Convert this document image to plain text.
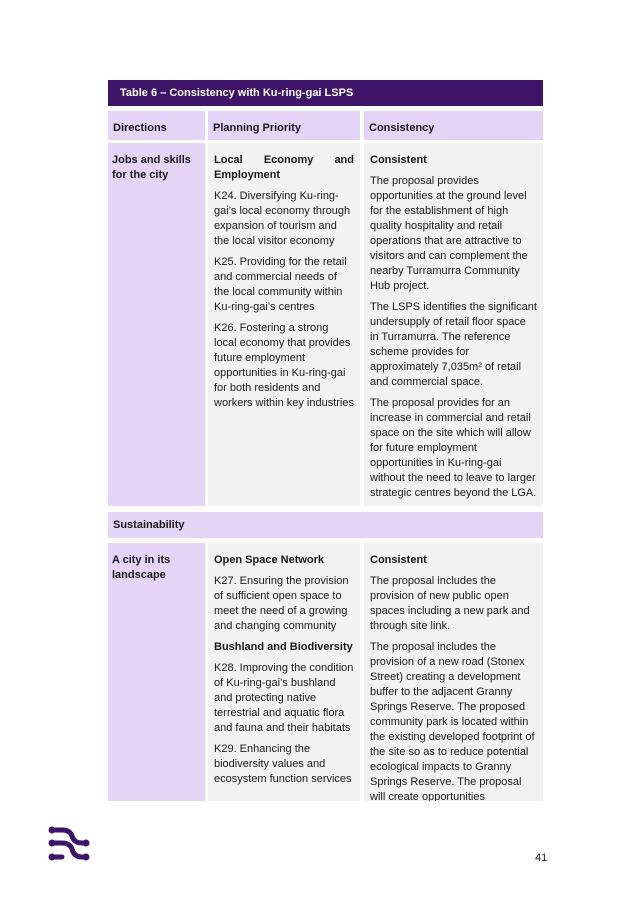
Table 6 – Consistency with Ku-ring-gai LSPS
Directions	Planning Priority	Consistency
Jobs and skills for the city
Local Economy and
Employment

K24. Diversifying Ku-ring-gai’s local economy through expansion of tourism and the local visitor economy

K25. Providing for the retail and commercial needs of the local community within Ku-ring-gai’s centres

K26. Fostering a strong local economy that provides future employment opportunities in Ku-ring-gai for both residents and workers within key industries

Consistent

The proposal provides opportunities at the ground level for the establishment of high quality hospitality and retail operations that are attractive to visitors and can complement the nearby Turramurra Community Hub project.

The LSPS identifies the significant undersupply of retail floor space in Turramurra. The reference scheme provides for approximately 7,035m² of retail and commercial space.

The proposal provides for an increase in commercial and retail space on the site which will allow for future employment opportunities in Ku-ring-gai without the need to leave to larger strategic centres beyond the LGA.

Sustainability
A city in its landscape
Open Space Network

K27. Ensuring the provision of sufficient open space to meet the need of a growing and changing community

Bushland and Biodiversity

K28. Improving the condition of Ku-ring-gai’s bushland and protecting native terrestrial and aquatic flora and fauna and their habitats

K29. Enhancing the biodiversity values and ecosystem function services

Consistent

The proposal includes the provision of new public open spaces including a new park and through site link.

The proposal includes the provision of a new road (Stonex Street) creating a development buffer to the adjacent Granny Springs Reserve. The proposed community park is located within the existing developed footprint of the site so as to reduce potential ecological impacts to Granny Springs Reserve. The proposal will create opportunities

41
